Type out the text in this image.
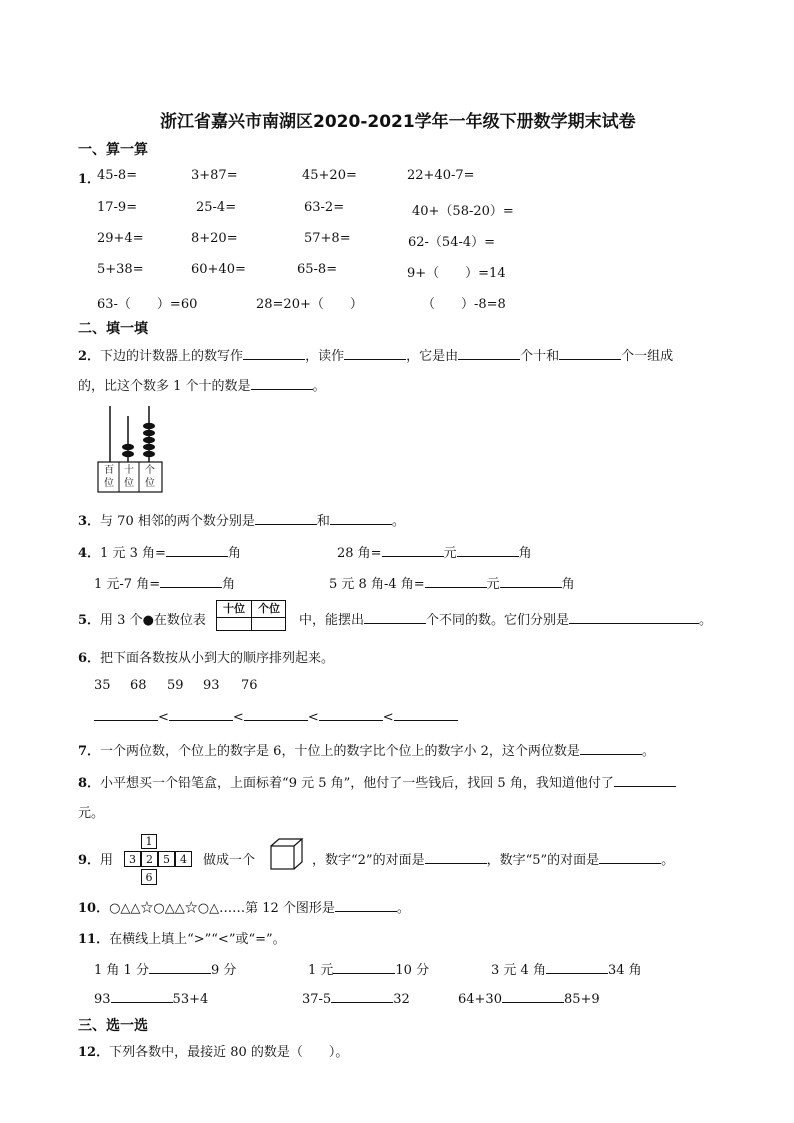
浙江省嘉兴市南湖区2020-2021学年一年级下册数学期末试卷
一、算一算
1．
45-8=	3+87=	45+20=	22+40-7=
17-9=	25-4=	63-2=	40+（58-20）=
29+4=	8+20=	57+8=	62-（54-4）=
5+38=	60+40=	65-8=	9+（　　）=14
63-（　　）=60	28=20+（　　）	（　　）-8=8
二、填一填
2．下边的计数器上的数写作	，读作	，它是由	个十和	个一组成
的，比这个数多 1 个十的数是	。
百位
十位
个位
3．与 70 相邻的两个数分别是	和	。
4．1 元 3 角=	角	28 角=	元	角
1 元-7 角=	角	5 元 8 角-4 角=	元	角
5．用 3 个●在数位表
十位	个位
中，能摆出	个不同的数。它们分别是	。
6．把下面各数按从小到大的顺序排列起来。
35 68 59 93 76
<	<	<	<
7．一个两位数，个位上的数字是 6，十位上的数字比个位上的数字小 2，这个两位数是	。
8．小平想买一个铅笔盒，上面标着“9 元 5 角”，他付了一些钱后，找回 5 角，我知道他付了
元。
9．用
1
3 2 5 4
6
做成一个	，数字“2”的对面是	，数字“5”的对面是	。
10．○△△☆○△△☆○△……第 12 个图形是	。
11．在横线上填上“>”“<”或“=”。
1 角 1 分	9 分	1 元	10 分	3 元 4 角	34 角
93	53+4	37-5	32	64+30	85+9
三、选一选
12．下列各数中，最接近 80 的数是（　　）。
